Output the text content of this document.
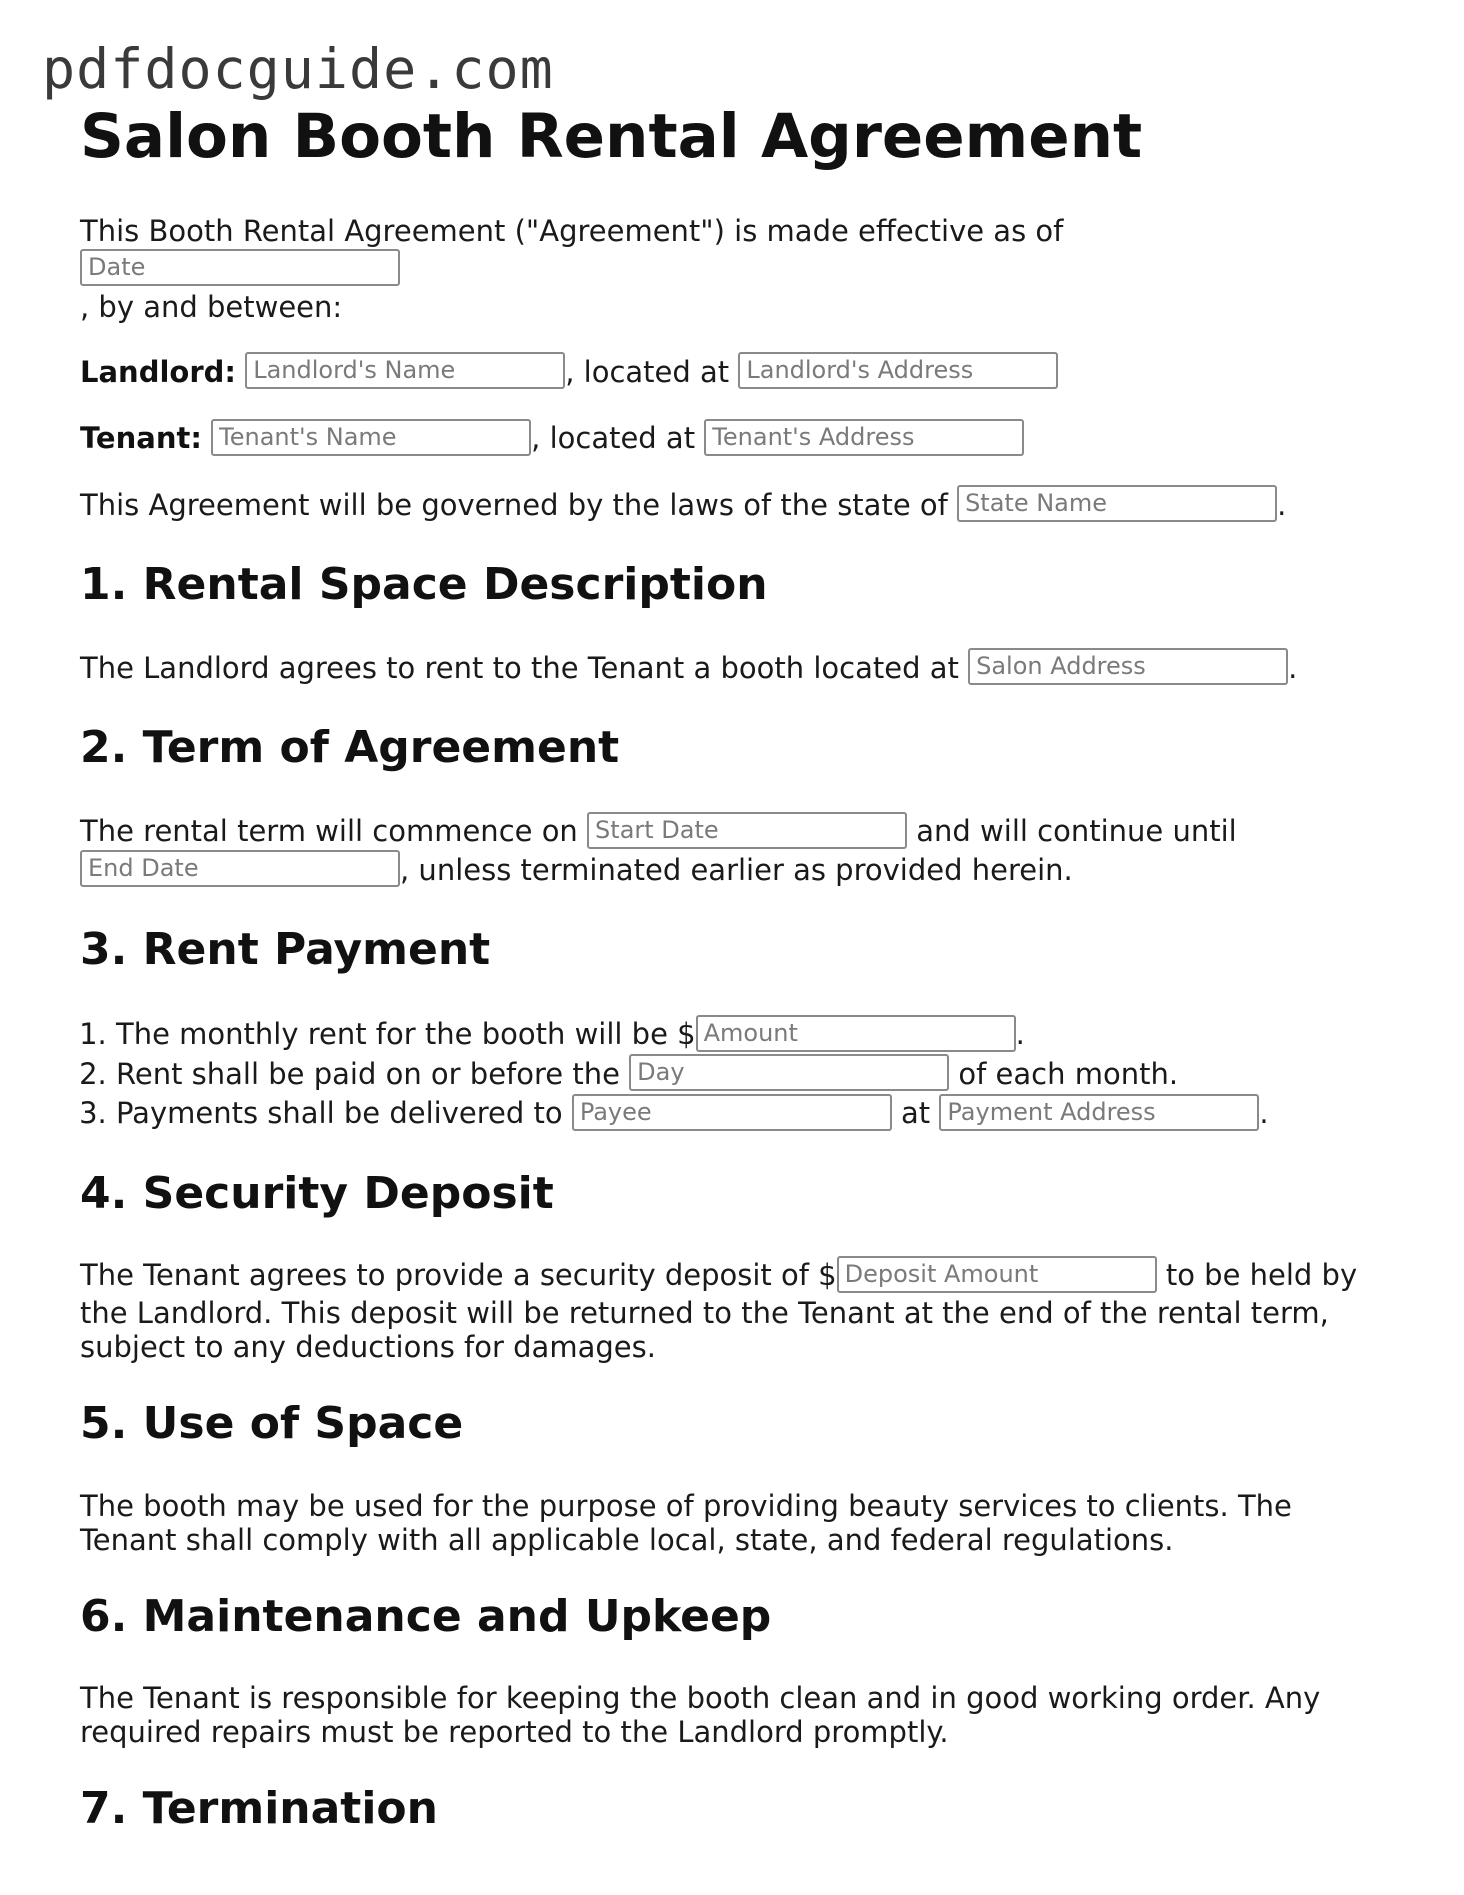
pdfdocguide.com
Salon Booth Rental Agreement

This Booth Rental Agreement ("Agreement") is made effective as of Date
, by and between:

Landlord: Landlord's Name	, located at Landlord's Address

Tenant: Tenant's Name	, located at Tenant's Address

This Agreement will be governed by the laws of the state of State Name	.

1. Rental Space Description

The Landlord agrees to rent to the Tenant a booth located at Salon Address	.

2. Term of Agreement

The rental term will commence on Start Date	and will continue until
End Date	, unless terminated earlier as provided herein.

3. Rent Payment
1. The monthly rent for the booth will be $ Amount	.
2. Rent shall be paid on or before the Day	of each month.
3. Payments shall be delivered to Payee	at Payment Address	.
4. Security Deposit

The Tenant agrees to provide a security deposit of $ Deposit Amount	to be held by the Landlord. This deposit will be returned to the Tenant at the end of the rental term, subject to any deductions for damages.

5. Use of Space

The booth may be used for the purpose of providing beauty services to clients. The Tenant shall comply with all applicable local, state, and federal regulations.

6. Maintenance and Upkeep

The Tenant is responsible for keeping the booth clean and in good working order. Any required repairs must be reported to the Landlord promptly.

7. Termination
